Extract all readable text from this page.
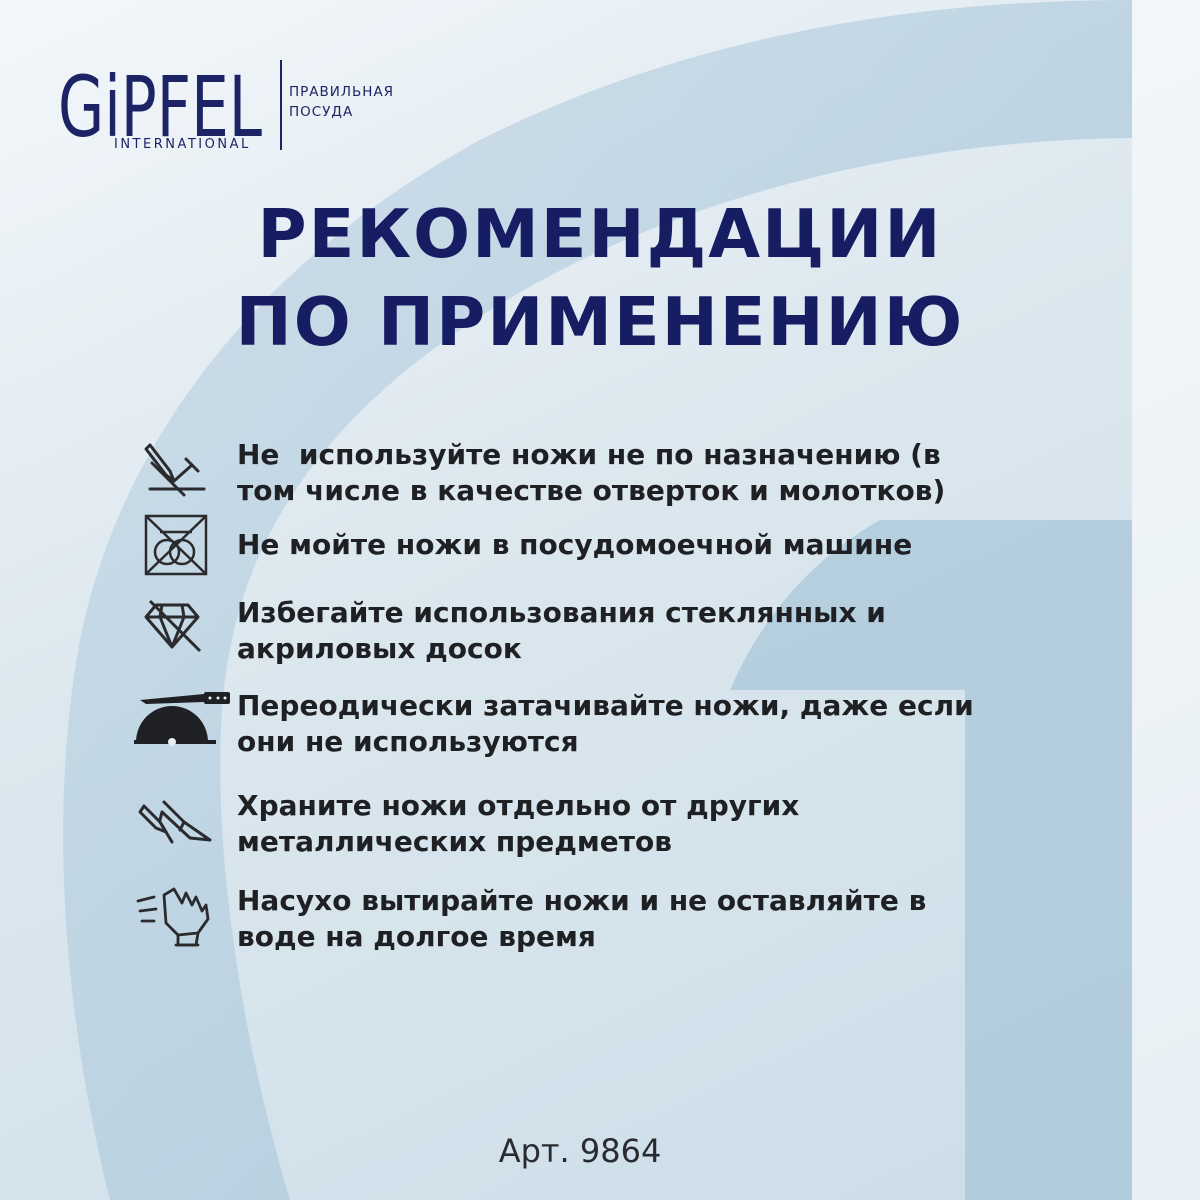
GiPFEL
INTERNATIONAL
ПРАВИЛЬНАЯ
ПОСУДА
РЕКОМЕНДАЦИИ
ПО ПРИМЕНЕНИЮ
Не  используйте ножи не по назначению (в
том числе в качестве отверток и молотков)
Не мойте ножи в посудомоечной машине
Избегайте использования стеклянных и
акриловых досок
Переодически затачивайте ножи, даже если
они не используются
Храните ножи отдельно от других
металлических предметов
Насухо вытирайте ножи и не оставляйте в
воде на долгое время
Арт. 9864
